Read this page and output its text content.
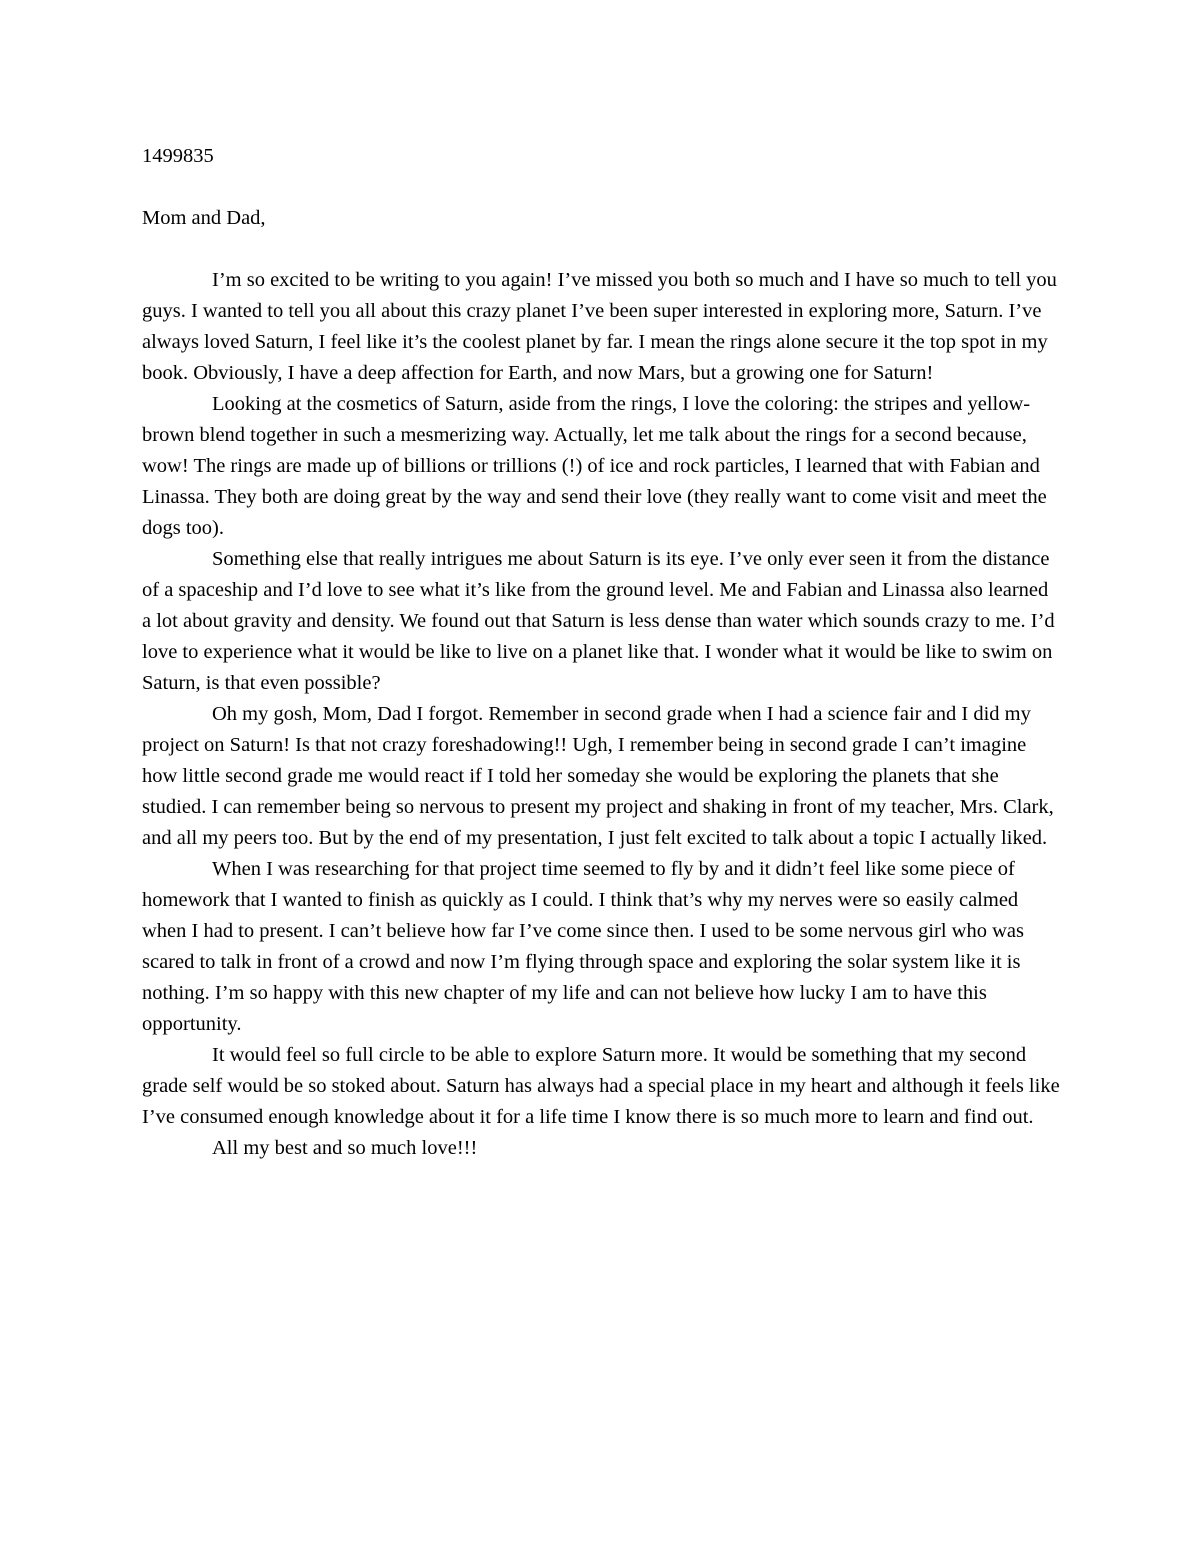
1499835

Mom and Dad,

I’m so excited to be writing to you again! I’ve missed you both so much and I have so much to tell you guys. I wanted to tell you all about this crazy planet I’ve been super interested in exploring more, Saturn. I’ve always loved Saturn, I feel like it’s the coolest planet by far. I mean the rings alone secure it the top spot in my book. Obviously, I have a deep affection for Earth, and now Mars, but a growing one for Saturn!

Looking at the cosmetics of Saturn, aside from the rings, I love the coloring: the stripes and yellow-brown blend together in such a mesmerizing way. Actually, let me talk about the rings for a second because, wow! The rings are made up of billions or trillions (!) of ice and rock particles, I learned that with Fabian and Linassa. They both are doing great by the way and send their love (they really want to come visit and meet the dogs too).

Something else that really intrigues me about Saturn is its eye. I’ve only ever seen it from the distance of a spaceship and I’d love to see what it’s like from the ground level. Me and Fabian and Linassa also learned a lot about gravity and density. We found out that Saturn is less dense than water which sounds crazy to me. I’d love to experience what it would be like to live on a planet like that. I wonder what it would be like to swim on Saturn, is that even possible?

Oh my gosh, Mom, Dad I forgot. Remember in second grade when I had a science fair and I did my project on Saturn! Is that not crazy foreshadowing!! Ugh, I remember being in second grade I can’t imagine how little second grade me would react if I told her someday she would be exploring the planets that she studied. I can remember being so nervous to present my project and shaking in front of my teacher, Mrs. Clark, and all my peers too. But by the end of my presentation, I just felt excited to talk about a topic I actually liked.

When I was researching for that project time seemed to fly by and it didn’t feel like some piece of homework that I wanted to finish as quickly as I could. I think that’s why my nerves were so easily calmed when I had to present. I can’t believe how far I’ve come since then. I used to be some nervous girl who was scared to talk in front of a crowd and now I’m flying through space and exploring the solar system like it is nothing. I’m so happy with this new chapter of my life and can not believe how lucky I am to have this opportunity.

It would feel so full circle to be able to explore Saturn more. It would be something that my second grade self would be so stoked about. Saturn has always had a special place in my heart and although it feels like I’ve consumed enough knowledge about it for a life time I know there is so much more to learn and find out.

All my best and so much love!!!
